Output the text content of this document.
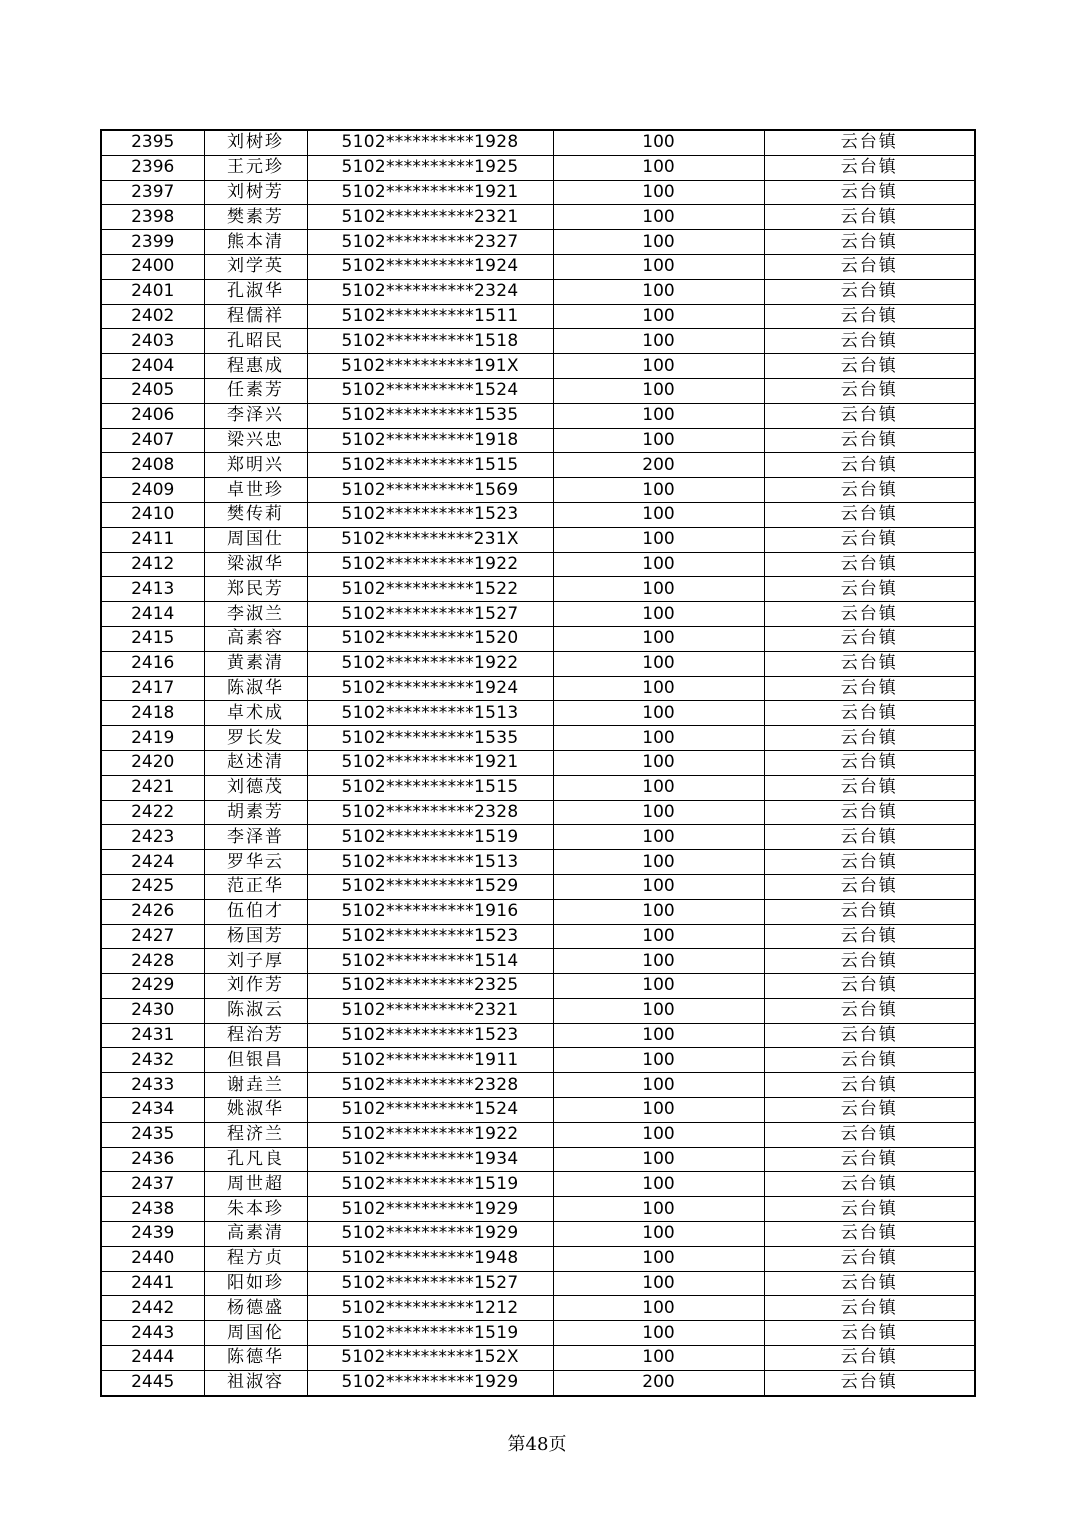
2395	刘树珍	5102**********1928	100	云台镇
2396	王元珍	5102**********1925	100	云台镇
2397	刘树芳	5102**********1921	100	云台镇
2398	樊素芳	5102**********2321	100	云台镇
2399	熊本清	5102**********2327	100	云台镇
2400	刘学英	5102**********1924	100	云台镇
2401	孔淑华	5102**********2324	100	云台镇
2402	程儒祥	5102**********1511	100	云台镇
2403	孔昭民	5102**********1518	100	云台镇
2404	程惠成	5102**********191X	100	云台镇
2405	任素芳	5102**********1524	100	云台镇
2406	李泽兴	5102**********1535	100	云台镇
2407	梁兴忠	5102**********1918	100	云台镇
2408	郑明兴	5102**********1515	200	云台镇
2409	卓世珍	5102**********1569	100	云台镇
2410	樊传莉	5102**********1523	100	云台镇
2411	周国仕	5102**********231X	100	云台镇
2412	梁淑华	5102**********1922	100	云台镇
2413	郑民芳	5102**********1522	100	云台镇
2414	李淑兰	5102**********1527	100	云台镇
2415	高素容	5102**********1520	100	云台镇
2416	黄素清	5102**********1922	100	云台镇
2417	陈淑华	5102**********1924	100	云台镇
2418	卓术成	5102**********1513	100	云台镇
2419	罗长发	5102**********1535	100	云台镇
2420	赵述清	5102**********1921	100	云台镇
2421	刘德茂	5102**********1515	100	云台镇
2422	胡素芳	5102**********2328	100	云台镇
2423	李泽普	5102**********1519	100	云台镇
2424	罗华云	5102**********1513	100	云台镇
2425	范正华	5102**********1529	100	云台镇
2426	伍伯才	5102**********1916	100	云台镇
2427	杨国芳	5102**********1523	100	云台镇
2428	刘子厚	5102**********1514	100	云台镇
2429	刘作芳	5102**********2325	100	云台镇
2430	陈淑云	5102**********2321	100	云台镇
2431	程治芳	5102**********1523	100	云台镇
2432	但银昌	5102**********1911	100	云台镇
2433	谢垚兰	5102**********2328	100	云台镇
2434	姚淑华	5102**********1524	100	云台镇
2435	程济兰	5102**********1922	100	云台镇
2436	孔凡良	5102**********1934	100	云台镇
2437	周世超	5102**********1519	100	云台镇
2438	朱本珍	5102**********1929	100	云台镇
2439	高素清	5102**********1929	100	云台镇
2440	程方贞	5102**********1948	100	云台镇
2441	阳如珍	5102**********1527	100	云台镇
2442	杨德盛	5102**********1212	100	云台镇
2443	周国伦	5102**********1519	100	云台镇
2444	陈德华	5102**********152X	100	云台镇
2445	祖淑容	5102**********1929	200	云台镇
第48页
